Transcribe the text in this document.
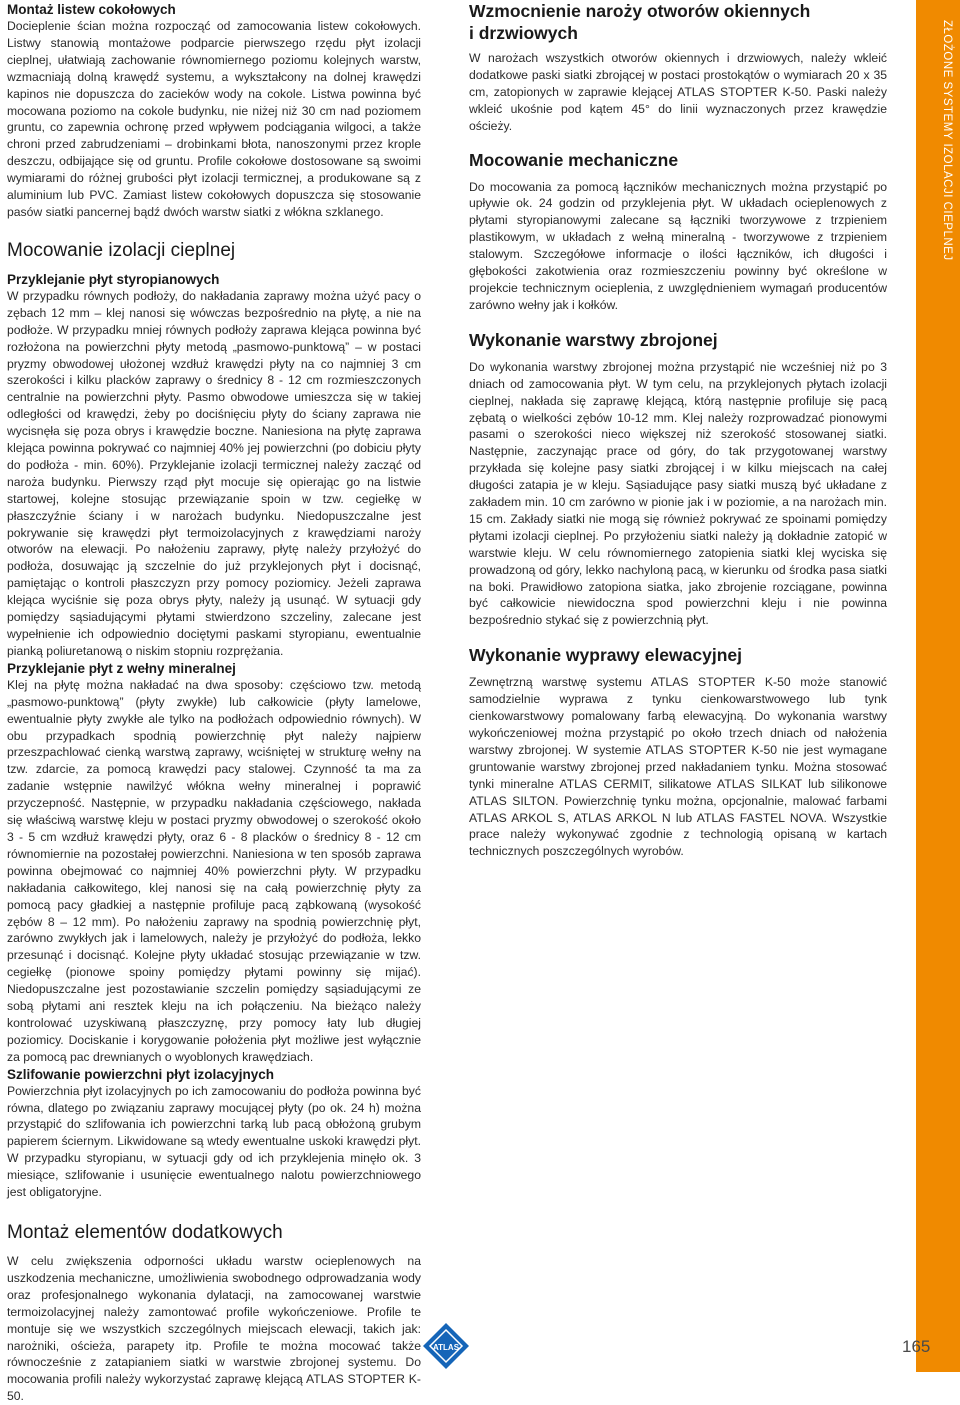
Montaż listew cokołowych

Docieplenie ścian można rozpocząć od zamocowania listew cokołowych. Listwy stanowią montażowe podparcie pierwszego rzędu płyt izolacji cieplnej, ułatwiają zachowanie równomiernego poziomu kolejnych warstw, wzmacniają dolną krawędź systemu, a wykształcony na dolnej krawędzi kapinos nie dopuszcza do zacieków wody na cokole. Listwa powinna być mocowana poziomo na cokole budynku, nie niżej niż 30 cm nad poziomem gruntu, co zapewnia ochronę przed wpływem podciągania wilgoci, a także chroni przed zabrudzeniami – drobinkami błota, nanoszonymi przez krople deszczu, odbijające się od gruntu. Profile cokołowe dostosowane są swoimi wymiarami do różnej grubości płyt izolacji termicznej, a produkowane są z aluminium lub PVC. Zamiast listew cokołowych dopuszcza się stosowanie pasów siatki pancernej bądź dwóch warstw siatki z włókna szklanego.

Mocowanie izolacji cieplnej
Przyklejanie płyt styropianowych

W przypadku równych podłoży, do nakładania zaprawy można użyć pacy o zębach 12 mm – klej nanosi się wówczas bezpośrednio na płytę, a nie na podłoże. W przypadku mniej równych podłoży zaprawa klejąca powinna być rozłożona na powierzchni płyty metodą „pasmowo-punktową” – w postaci pryzmy obwodowej ułożonej wzdłuż krawędzi płyty na co najmniej 3 cm szerokości i kilku placków zaprawy o średnicy 8 - 12 cm rozmieszczonych centralnie na powierzchni płyty. Pasmo obwodowe umieszcza się w takiej odległości od krawędzi, żeby po dociśnięciu płyty do ściany zaprawa nie wycisnęła się poza obrys i krawędzie boczne. Naniesiona na płytę zaprawa klejąca powinna pokrywać co najmniej 40% jej powierzchni (po dobiciu płyty do podłoża - min. 60%). Przyklejanie izolacji termicznej należy zacząć od naroża budynku. Pierwszy rząd płyt mocuje się opierając go na listwie startowej, kolejne stosując przewiązanie spoin w tzw. cegiełkę w płaszczyźnie ściany i w narożach budynku. Niedopuszczalne jest pokrywanie się krawędzi płyt termoizolacyjnych z krawędziami naroży otworów na elewacji. Po nałożeniu zaprawy, płytę należy przyłożyć do podłoża, dosuwając ją szczelnie do już przyklejonych płyt i docisnąć, pamiętając o kontroli płaszczyzn przy pomocy poziomicy. Jeżeli zaprawa klejąca wyciśnie się poza obrys płyty, należy ją usunąć. W sytuacji gdy pomiędzy sąsiadującymi płytami stwierdzono szczeliny, zalecane jest wypełnienie ich odpowiednio dociętymi paskami styropianu, ewentualnie pianką poliuretanową o niskim stopniu rozprężania.

Przyklejanie płyt z wełny mineralnej

Klej na płytę można nakładać na dwa sposoby: częściowo tzw. metodą „pasmowo-punktową” (płyty zwykłe) lub całkowicie (płyty lamelowe, ewentualnie płyty zwykłe ale tylko na podłożach odpowiednio równych). W obu przypadkach spodnią powierzchnię płyt należy najpierw przeszpachlować cienką warstwą zaprawy, wciśniętej w strukturę wełny na tzw. zdarcie, za pomocą krawędzi pacy stalowej. Czynność ta ma za zadanie wstępnie nawilżyć włókna wełny mineralnej i poprawić przyczepność. Następnie, w przypadku nakładania częściowego, nakłada się właściwą warstwę kleju w postaci pryzmy obwodowej o szerokość około 3 - 5 cm wzdłuż krawędzi płyty, oraz 6 - 8 placków o średnicy 8 - 12 cm równomiernie na pozostałej powierzchni. Naniesiona w ten sposób zaprawa powinna obejmować co najmniej 40% powierzchni płyty. W przypadku nakładania całkowitego, klej nanosi się na całą powierzchnię płyty za pomocą pacy gładkiej a następnie profiluje pacą ząbkowaną (wysokość zębów 8 – 12 mm). Po nałożeniu zaprawy na spodnią powierzchnię płyt, zarówno zwykłych jak i lamelowych, należy je przyłożyć do podłoża, lekko przesunąć i docisnąć. Kolejne płyty układać stosując przewiązanie w tzw. cegiełkę (pionowe spoiny pomiędzy płytami powinny się mijać). Niedopuszczalne jest pozostawianie szczelin pomiędzy sąsiadującymi ze sobą płytami ani resztek kleju na ich połączeniu. Na bieżąco należy kontrolować uzyskiwaną płaszczyznę, przy pomocy łaty lub długiej poziomicy. Dociskanie i korygowanie położenia płyt możliwe jest wyłącznie za pomocą pac drewnianych o wyoblonych krawędziach.

Szlifowanie powierzchni płyt izolacyjnych

Powierzchnia płyt izolacyjnych po ich zamocowaniu do podłoża powinna być równa, dlatego po związaniu zaprawy mocującej płyty (po ok. 24 h) można przystąpić do szlifowania ich powierzchni tarką lub pacą obłożoną grubym papierem ściernym. Likwidowane są wtedy ewentualne uskoki krawędzi płyt. W przypadku styropianu, w sytuacji gdy od ich przyklejenia minęło ok. 3 miesiące, szlifowanie i usunięcie ewentualnego nalotu powierzchniowego jest obligatoryjne.

Montaż elementów dodatkowych

W celu zwiększenia odporności układu warstw ocieplenowych na uszkodzenia mechaniczne, umożliwienia swobodnego odprowadzania wody oraz profesjonalnego wykonania dylatacji, na zamocowanej warstwie termoizolacyjnej należy zamontować profile wykończeniowe. Profile te montuje się we wszystkich szczególnych miejscach elewacji, takich jak: narożniki, ościeża, parapety itp. Profile te można mocować także równocześnie z zatapianiem siatki w warstwie zbrojonej systemu. Do mocowania profili należy wykorzystać zaprawę klejącą ATLAS STOPTER K-50.

Wzmocnienie naroży otworów okiennych
i drzwiowych

W narożach wszystkich otworów okiennych i drzwiowych, należy wkleić dodatkowe paski siatki zbrojącej w postaci prostokątów o wymiarach 20 x 35 cm, zatopionych w zaprawie klejącej ATLAS STOPTER K-50. Paski należy wkleić ukośnie pod kątem 45° do linii wyznaczonych przez krawędzie ościeży.

Mocowanie mechaniczne

Do mocowania za pomocą łączników mechanicznych można przystąpić po upływie ok. 24 godzin od przyklejenia płyt. W układach ocieplenowych z płytami styropianowymi zalecane są łączniki tworzywowe z trzpieniem plastikowym, w układach z wełną mineralną - tworzywowe z trzpieniem stalowym. Szczegółowe informacje o ilości łączników, ich długości i głębokości zakotwienia oraz rozmieszczeniu powinny być określone w projekcie technicznym ocieplenia, z uwzględnieniem wymagań producentów zarówno wełny jak i kołków.

Wykonanie warstwy zbrojonej

Do wykonania warstwy zbrojonej można przystąpić nie wcześniej niż po 3 dniach od zamocowania płyt. W tym celu, na przyklejonych płytach izolacji cieplnej, nakłada się zaprawę klejącą, którą następnie profiluje się pacą zębatą o wielkości zębów 10-12 mm. Klej należy rozprowadzać pionowymi pasami o szerokości nieco większej niż szerokość stosowanej siatki. Następnie, zaczynając prace od góry, do tak przygotowanej warstwy przykłada się kolejne pasy siatki zbrojącej i w kilku miejscach na całej długości zatapia je w kleju. Sąsiadujące pasy siatki muszą być układane z zakładem min. 10 cm zarówno w pionie jak i w poziomie, a na narożach min. 15 cm. Zakłady siatki nie mogą się również pokrywać ze spoinami pomiędzy płytami izolacji cieplnej. Po przyłożeniu siatki należy ją dokładnie zatopić w warstwie kleju. W celu równomiernego zatopienia siatki klej wyciska się prowadzoną od góry, lekko nachyloną pacą, w kierunku od środka pasa siatki na boki. Prawidłowo zatopiona siatka, jako zbrojenie rozciągane, powinna być całkowicie niewidoczna spod powierzchni kleju i nie powinna bezpośrednio stykać się z powierzchnią płyt.

Wykonanie wyprawy elewacyjnej

Zewnętrzną warstwę systemu ATLAS STOPTER K-50 może stanowić samodzielnie wyprawa z tynku cienkowarstwowego lub tynk cienkowarstwowy pomalowany farbą elewacyjną. Do wykonania warstwy wykończeniowej można przystąpić po około trzech dniach od nałożenia warstwy zbrojonej. W systemie ATLAS STOPTER K-50 nie jest wymagane gruntowanie warstwy zbrojonej przed nakładaniem tynku. Można stosować tynki mineralne ATLAS CERMIT, silikatowe ATLAS SILKAT lub silikonowe ATLAS SILTON. Powierzchnię tynku można, opcjonalnie, malować farbami ATLAS ARKOL S, ATLAS ARKOL N lub ATLAS FASTEL NOVA. Wszystkie prace należy wykonywać zgodnie z technologią opisaną w kartach technicznych poszczególnych wyrobów.

ZŁOŻONE SYSTEMY IZOLACJI CIEPLNEJ
ATLAS	165
